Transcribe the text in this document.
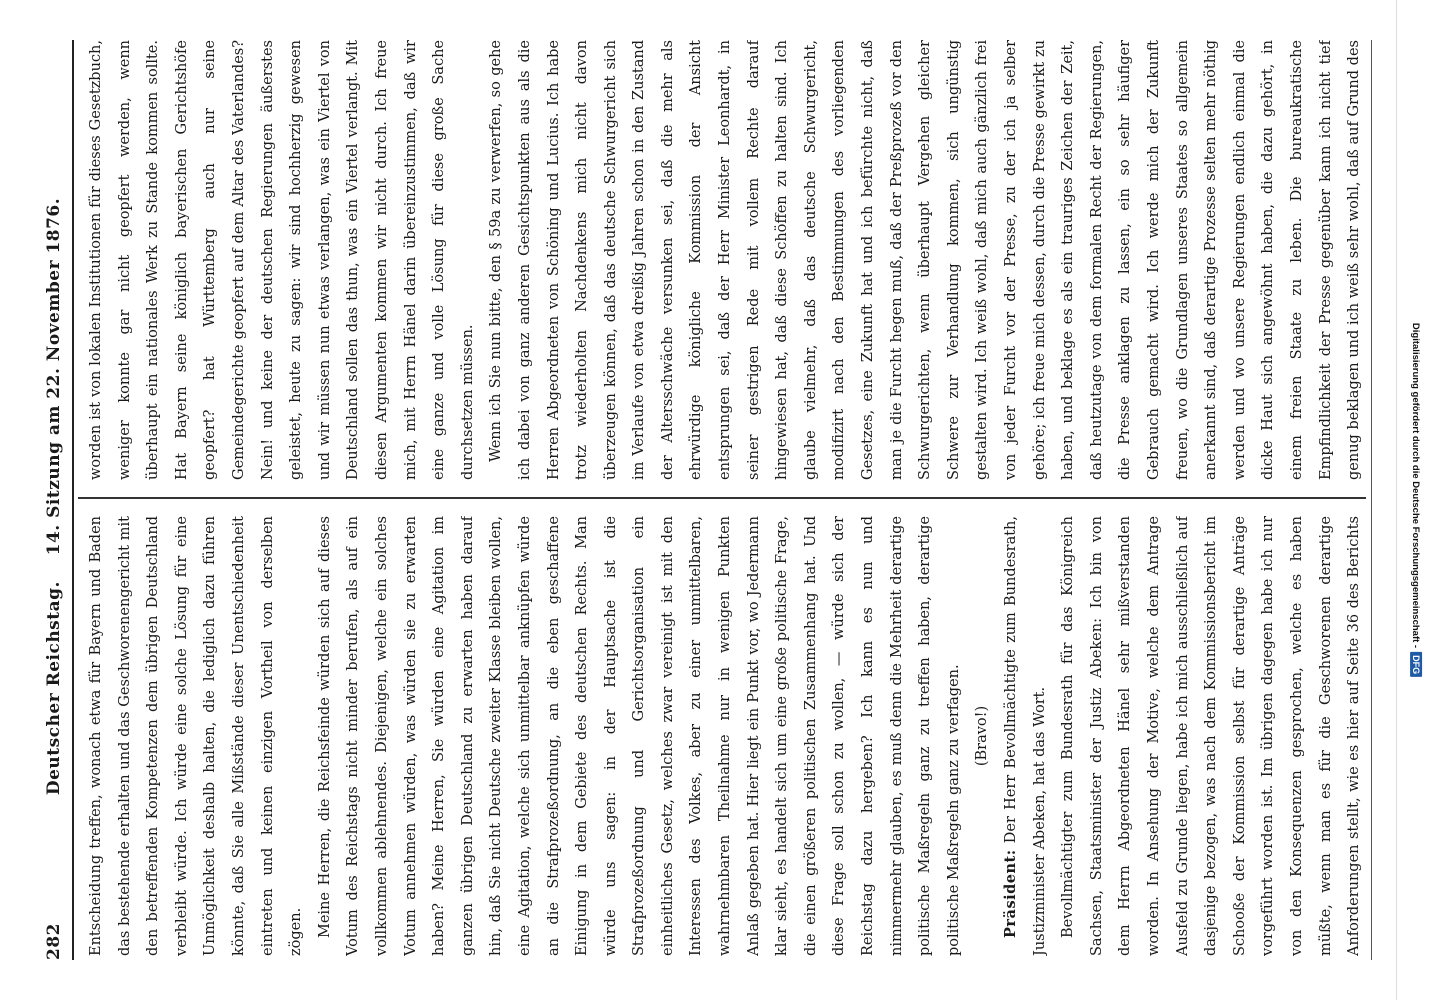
282
Deutscher Reichstag.    14. Sitzung am 22. November 1876.

Entscheidung treffen, wonach etwa für Bayern und Baden das bestehende erhalten und das Geschworenengericht mit den betreffenden Kompetenzen dem übrigen Deutschland verbleibt würde. Ich würde eine solche Lösung für eine Unmöglichkeit deshalb halten, die lediglich dazu führen könnte, daß Sie alle Mißstände dieser Unentschiedenheit eintreten und keinen einzigen Vortheil von derselben zögen. Meine Herren, die Reichsfeinde würden sich auf dieses Votum des Reichstags nicht minder berufen, als auf ein vollkommen ablehnendes. Diejenigen, welche ein solches Votum annehmen würden, was würden sie zu erwarten haben? Meine Herren, Sie würden eine Agitation im ganzen übrigen Deutschland zu erwarten haben darauf hin, daß Sie nicht Deutsche zweiter Klasse bleiben wollen, eine Agitation, welche sich unmittelbar anknüpfen würde an die Strafprozeßordnung, an die eben geschaffene Einigung in dem Gebiete des deutschen Rechts. Man würde uns sagen: in der Hauptsache ist die Strafprozeßordnung und Gerichtsorganisation ein einheitliches Gesetz, welches zwar vereinigt ist mit den Interessen des Volkes, aber zu einer unmittelbaren, wahrnehmbaren Theilnahme nur in wenigen Punkten Anlaß gegeben hat. Hier liegt ein Punkt vor, wo Jedermann klar sieht, es handelt sich um eine große politische Frage, die einen größeren politischen Zusammenhang hat. Und diese Frage soll schon zu wollen, — würde sich der Reichstag dazu hergeben? Ich kann es nun und nimmermehr glauben, es muß denn die Mehrheit derartige politische Maßregeln ganz zu treffen haben, derartige politische Maßregeln ganz zu verfagen. (Bravo!)

Präsident: Der Herr Bevollmächtigte zum Bundesrath, Justizminister Abeken, hat das Wort. Bevollmächtigter zum Bundesrath für das Königreich Sachsen, Staatsminister der Justiz Abeken: Ich bin von dem Herrn Abgeordneten Hänel sehr mißverstanden worden. In Ansehung der Motive, welche dem Antrage Ausfeld zu Grunde liegen, habe ich mich ausschließlich auf dasjenige bezogen, was nach dem Kommissionsbericht im Schooße der Kommission selbst für derartige Anträge vorgeführt worden ist. Im übrigen dagegen habe ich nur von den Konsequenzen gesprochen, welche es haben müßte, wenn man es für die Geschworenen derartige Anforderungen stellt, wie es hier auf Seite 36 des Berichts

worden ist von lokalen Institutionen für dieses Gesetzbuch, weniger konnte gar nicht geopfert werden, wenn überhaupt ein nationales Werk zu Stande kommen sollte. Hat Bayern seine königlich bayerischen Gerichtshöfe geopfert? hat Württemberg auch nur seine Gemeindegerichte geopfert auf dem Altar des Vaterlandes? Nein! und keine der deutschen Regierungen äußerstes geleistet, heute zu sagen: wir sind hochherzig gewesen und wir müssen nun etwas verlangen, was ein Viertel von Deutschland sollen das thun, was ein Viertel verlangt. Mit diesen Argumenten kommen wir nicht durch. Ich freue mich, mit Herrn Hänel darin übereinzustimmen, daß wir eine ganze und volle Lösung für diese große Sache durchsetzen müssen. Wenn ich Sie nun bitte, den § 59a zu verwerfen, so gehe ich dabei von ganz anderen Gesichtspunkten aus als die Herren Abgeordneten von Schöning und Lucius. Ich habe trotz wiederholten Nachdenkens mich nicht davon überzeugen können, daß das deutsche Schwurgericht sich im Verlaufe von etwa dreißig Jahren schon in den Zustand der Altersschwäche versunken sei, daß die mehr als ehrwürdige königliche Kommission der Ansicht entsprungen sei, daß der Herr Minister Leonhardt, in seiner gestrigen Rede mit vollem Rechte darauf hingewiesen hat, daß diese Schöffen zu halten sind. Ich glaube vielmehr, daß das deutsche Schwurgericht, modifizirt nach den Bestimmungen des vorliegenden Gesetzes, eine Zukunft hat und ich befürchte nicht, daß man je die Furcht hegen muß, daß der Preßprozeß vor den Schwurgerichten, wenn überhaupt Vergehen gleicher Schwere zur Verhandlung kommen, sich ungünstig gestalten wird. Ich weiß wohl, daß mich auch gänzlich frei von jeder Furcht vor der Presse, zu der ich ja selber gehöre; ich freue mich dessen, durch die Presse gewirkt zu haben, und beklage es als ein trauriges Zeichen der Zeit, daß heutzutage von dem formalen Recht der Regierungen, die Presse anklagen zu lassen, ein so sehr häufiger Gebrauch gemacht wird. Ich werde mich der Zukunft freuen, wo die Grundlagen unseres Staates so allgemein anerkannt sind, daß derartige Prozesse selten mehr nöthig werden und wo unsere Regierungen endlich einmal die dicke Haut sich angewöhnt haben, die dazu gehört, in einem freien Staate zu leben. Die bureaukratische Empfindlichkeit der Presse gegenüber kann ich nicht tief genug beklagen und ich weiß sehr wohl, daß auf Grund des

Digitalisierung gefördert durch die Deutsche Forschungsgemeinschaft -
DFG
